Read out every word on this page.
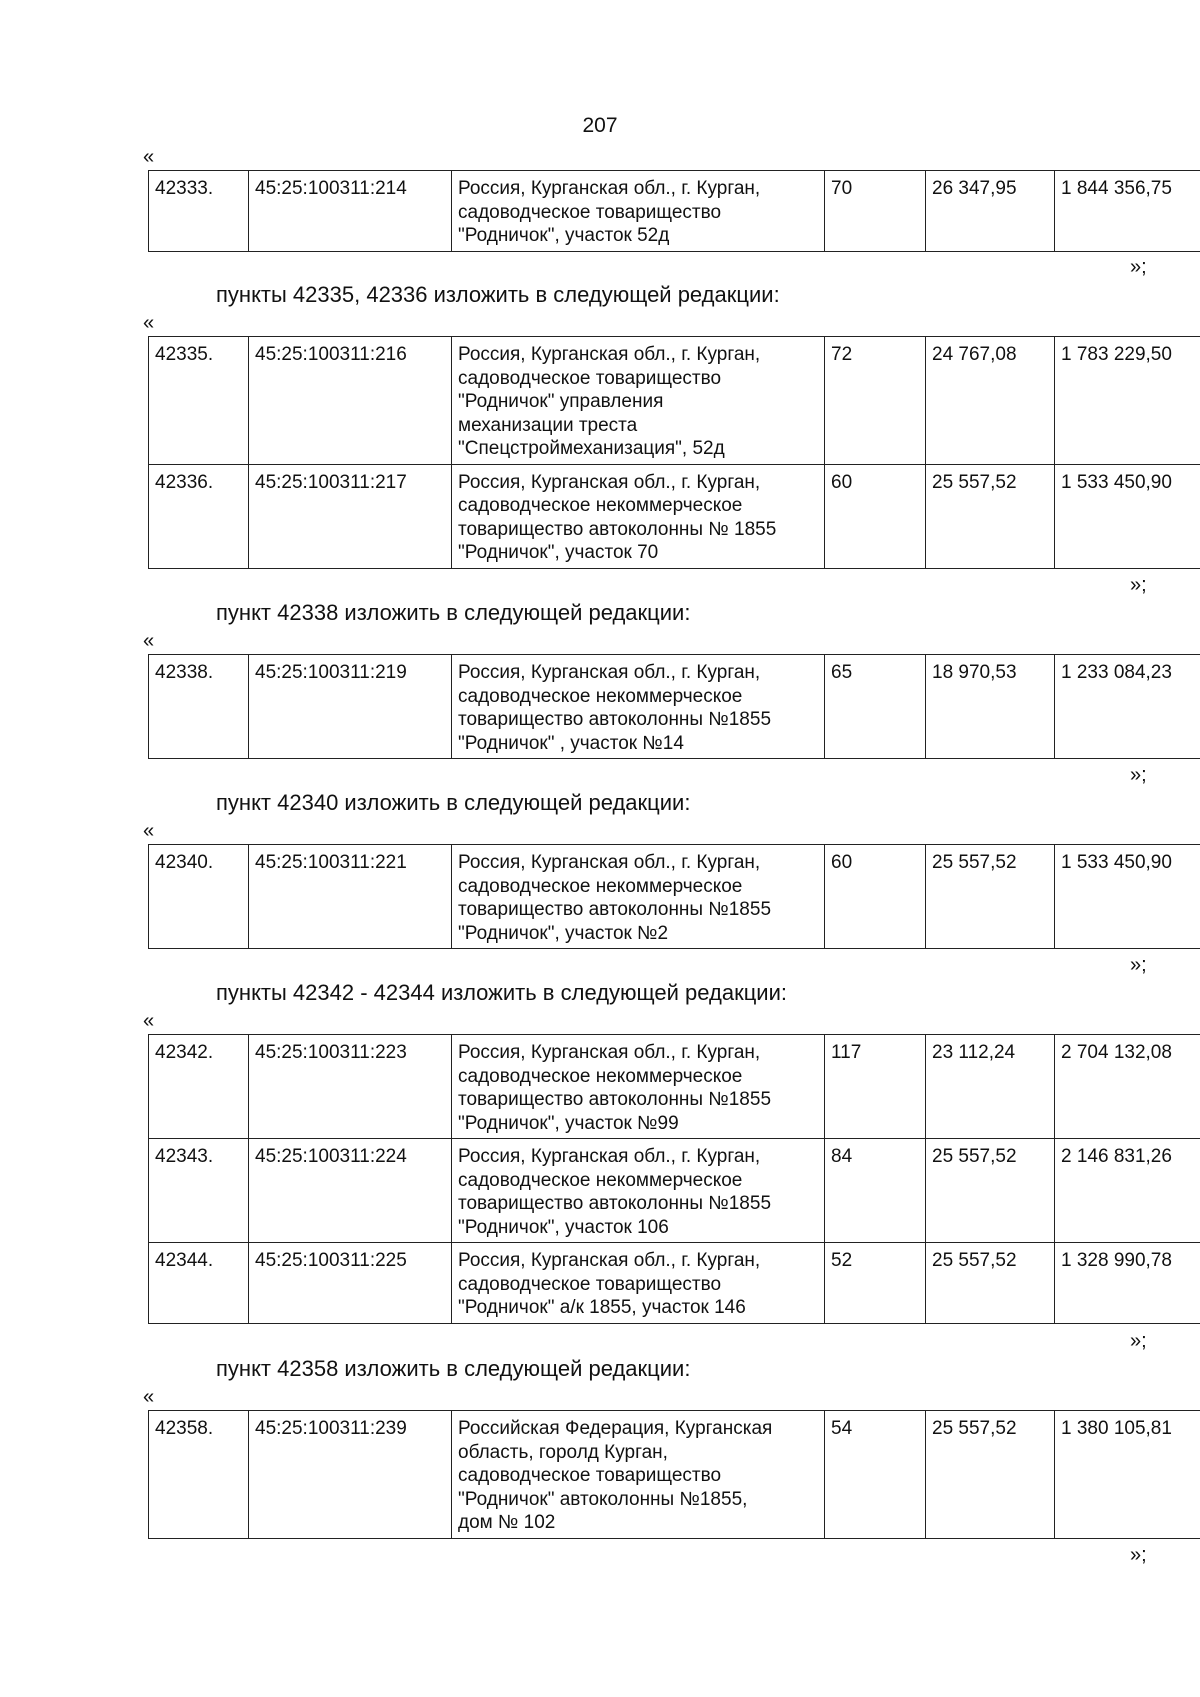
207
«
42333.	45:25:100311:214	Россия, Курганская обл., г. Курган,
садоводческое товарищество
"Родничок", участок 52д
	70	26 347,95	1 844 356,75
»;
пункты 42335, 42336 изложить в следующей редакции:
«
42335.	45:25:100311:216	Россия, Курганская обл., г. Курган,
садоводческое товарищество
"Родничок" управления
механизации треста
"Спецстроймеханизация", 52д	72	24 767,08	1 783 229,50
42336.	45:25:100311:217	Россия, Курганская обл., г. Курган,
садоводческое некоммерческое
товарищество автоколонны № 1855
"Родничок", участок 70	60	25 557,52	1 533 450,90
»;
пункт 42338 изложить в следующей редакции:
«
42338.	45:25:100311:219	Россия, Курганская обл., г. Курган,
садоводческое некоммерческое
товарищество автоколонны №1855
"Родничок" , участок №14
	65	18 970,53	1 233 084,23
»;
пункт 42340 изложить в следующей редакции:
«
42340.	45:25:100311:221	Россия, Курганская обл., г. Курган,
садоводческое некоммерческое
товарищество автоколонны №1855
"Родничок", участок №2
	60	25 557,52	1 533 450,90
»;
пункты 42342 - 42344 изложить в следующей редакции:
«
42342.	45:25:100311:223	Россия, Курганская обл., г. Курган,
садоводческое некоммерческое
товарищество автоколонны №1855
"Родничок", участок №99	117	23 112,24	2 704 132,08
42343.	45:25:100311:224	Россия, Курганская обл., г. Курган,
садоводческое некоммерческое
товарищество автоколонны №1855
"Родничок", участок 106	84	25 557,52	2 146 831,26
42344.	45:25:100311:225	Россия, Курганская обл., г. Курган,
садоводческое товарищество
"Родничок" а/к 1855, участок 146	52	25 557,52	1 328 990,78
»;
пункт 42358 изложить в следующей редакции:
«
42358.	45:25:100311:239	Российская Федерация, Курганская
область, горолд Курган,
садоводческое товарищество
"Родничок" автоколонны №1855,
дом № 102
	54	25 557,52	1 380 105,81
»;
